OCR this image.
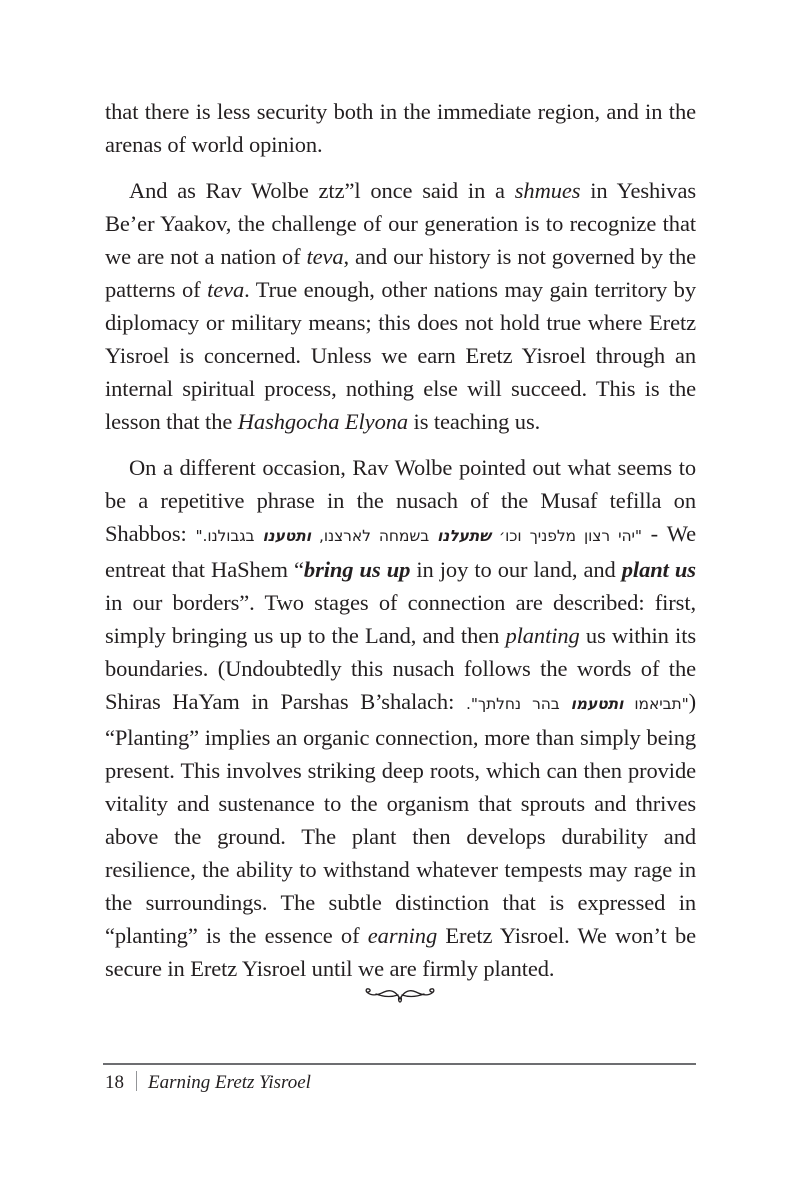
that there is less security both in the immediate region, and in the arenas of world opinion.

And as Rav Wolbe ztz”l once said in a shmues in Yeshivas Be’er Yaakov, the challenge of our generation is to recognize that we are not a nation of teva, and our history is not governed by the patterns of teva. True enough, other nations may gain territory by diplomacy or military means; this does not hold true where Eretz Yisroel is concerned. Unless we earn Eretz Yisroel through an internal spiritual process, nothing else will succeed. This is the lesson that the Hashgocha Elyona is teaching us.

On a different occasion, Rav Wolbe pointed out what seems to be a repetitive phrase in the nusach of the Musaf tefilla on Shabbos:	"יהי רצון מלפניך וכו׳ שתעלנו בשמחה לארצנו, ותטענו בגבולנו."	- We entreat that HaShem “bring us up in joy to our land, and plant us in our borders”. Two stages of connection are described: first, simply bringing us up to the Land, and then planting us within its boundaries. (Undoubtedly this nusach follows the words of the Shiras HaYam in Parshas B’shalach:	"תביאמו ותטעמו בהר נחלתך".	) “Planting” implies an organic connection, more than simply being present. This involves striking deep roots, which can then provide vitality and sustenance to the organism that sprouts and thrives above the ground. The plant then develops durability and resilience, the ability to withstand whatever tempests may rage in the surroundings. The subtle distinction that is expressed in “planting” is the essence of earning Eretz Yisroel. We won’t be secure in Eretz Yisroel until we are firmly planted.

18 Earning Eretz Yisroel
